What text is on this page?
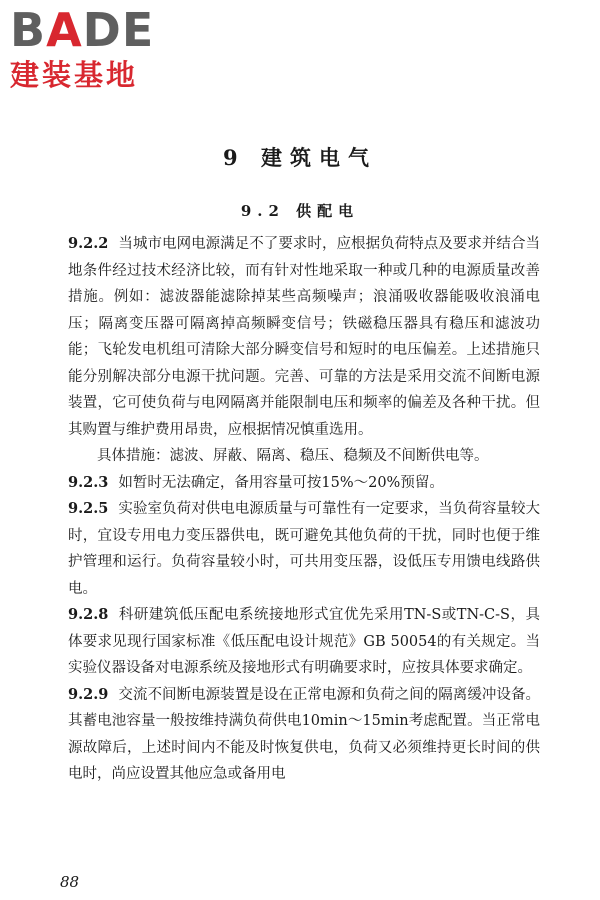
BADE
建装基地
9 建筑电气
9.2 供配电

9.2.2 当城市电网电源满足不了要求时，应根据负荷特点及要求并结合当地条件经过技术经济比较，而有针对性地采取一种或几种的电源质量改善措施。例如：滤波器能滤除掉某些高频噪声；浪涌吸收器能吸收浪涌电压；隔离变压器可隔离掉高频瞬变信号；铁磁稳压器具有稳压和滤波功能；飞轮发电机组可清除大部分瞬变信号和短时的电压偏差。上述措施只能分别解决部分电源干扰问题。完善、可靠的方法是采用交流不间断电源装置，它可使负荷与电网隔离并能限制电压和频率的偏差及各种干扰。但其购置与维护费用昂贵，应根据情况慎重选用。

具体措施：滤波、屏蔽、隔离、稳压、稳频及不间断供电等。

9.2.3 如暂时无法确定，备用容量可按15%～20%预留。

9.2.5 实验室负荷对供电电源质量与可靠性有一定要求，当负荷容量较大时，宜设专用电力变压器供电，既可避免其他负荷的干扰，同时也便于维护管理和运行。负荷容量较小时，可共用变压器，设低压专用馈电线路供电。

9.2.8 科研建筑低压配电系统接地形式宜优先采用TN-S或TN-C-S，具体要求见现行国家标准《低压配电设计规范》GB 50054的有关规定。当实验仪器设备对电源系统及接地形式有明确要求时，应按具体要求确定。

9.2.9 交流不间断电源装置是设在正常电源和负荷之间的隔离缓冲设备。其蓄电池容量一般按维持满负荷供电10min～15min考虑配置。当正常电源故障后，上述时间内不能及时恢复供电，负荷又必须维持更长时间的供电时，尚应设置其他应急或备用电

88
